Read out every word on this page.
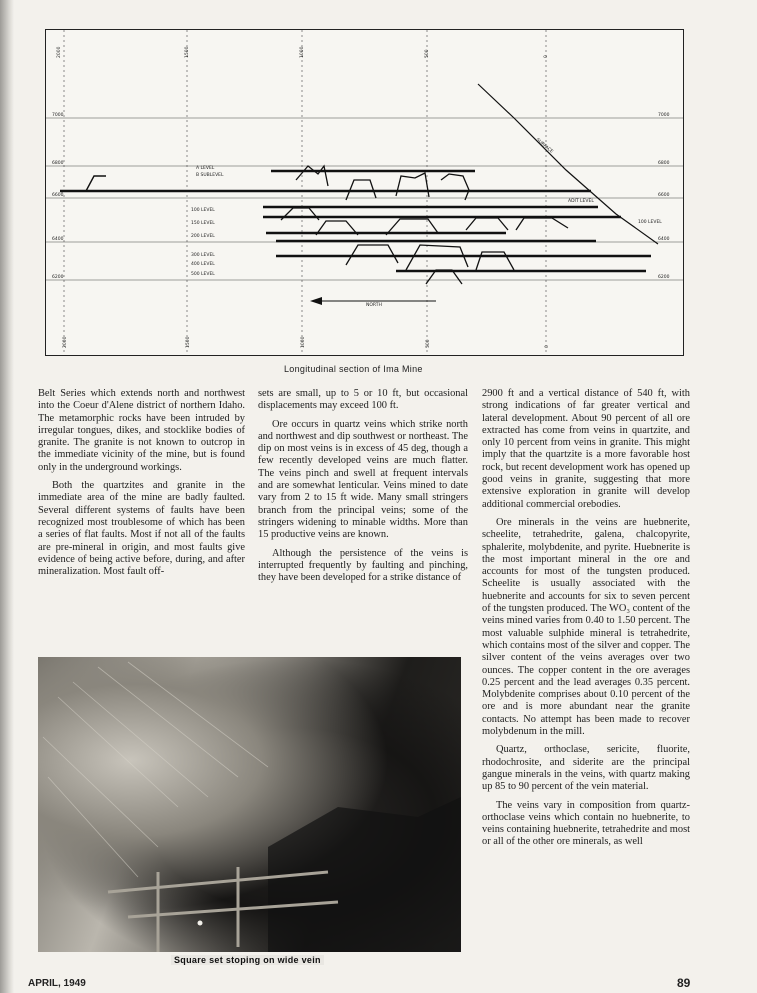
2000	1500	1000	500	0
2000	1500	1000	500	0
7000
6800
6600
6400
6200
7000
6800
6600
6400
6200
A LEVEL
B SUBLEVEL
100 LEVEL
150 LEVEL
200 LEVEL
300 LEVEL
400 LEVEL
500 LEVEL
SURFACE
ADIT LEVEL
100 LEVEL
NORTH
Longitudinal section of Ima Mine

Belt Series which extends north and northwest into the Coeur d'Alene district of northern Idaho. The metamorphic rocks have been intruded by irregular tongues, dikes, and stocklike bodies of granite. The granite is not known to outcrop in the immediate vicinity of the mine, but is found only in the underground workings.

Both the quartzites and granite in the immediate area of the mine are badly faulted. Several different systems of faults have been recognized most troublesome of which has been a series of flat faults. Most if not all of the faults are pre-mineral in origin, and most faults give evidence of being active before, during, and after mineralization. Most fault off-

sets are small, up to 5 or 10 ft, but occasional displacements may exceed 100 ft.

Ore occurs in quartz veins which strike north and northwest and dip southwest or northeast. The dip on most veins is in excess of 45 deg, though a few recently developed veins are much flatter. The veins pinch and swell at frequent intervals and are somewhat lenticular. Veins mined to date vary from 2 to 15 ft wide. Many small stringers branch from the principal veins; some of the stringers widening to minable widths. More than 15 productive veins are known.

Although the persistence of the veins is interrupted frequently by faulting and pinching, they have been developed for a strike distance of

2900 ft and a vertical distance of 540 ft, with strong indications of far greater vertical and lateral development. About 90 percent of all ore extracted has come from veins in quartzite, and only 10 percent from veins in granite. This might imply that the quartzite is a more favorable host rock, but recent development work has opened up good veins in granite, suggesting that more extensive exploration in granite will develop additional commercial orebodies.

Ore minerals in the veins are huebnerite, scheelite, tetrahedrite, galena, chalcopyrite, sphalerite, molybdenite, and pyrite. Huebnerite is the most important mineral in the ore and accounts for most of the tungsten produced. Scheelite is usually associated with the huebnerite and accounts for six to seven percent of the tungsten produced. The WO₃ content of the veins mined varies from 0.40 to 1.50 percent. The most valuable sulphide mineral is tetrahedrite, which contains most of the silver and copper. The silver content of the veins averages over two ounces. The copper content in the ore averages 0.25 percent and the lead averages 0.35 percent. Molybdenite comprises about 0.10 percent of the ore and is more abundant near the granite contacts. No attempt has been made to recover molybdenum in the mill.

Quartz, orthoclase, sericite, fluorite, rhodochrosite, and siderite are the principal gangue minerals in the veins, with quartz making up 85 to 90 percent of the vein material.

The veins vary in composition from quartz-orthoclase veins which contain no huebnerite, to veins containing huebnerite, tetrahedrite and most or all of the other ore minerals, as well

Square set stoping on wide vein
APRIL, 1949	89
